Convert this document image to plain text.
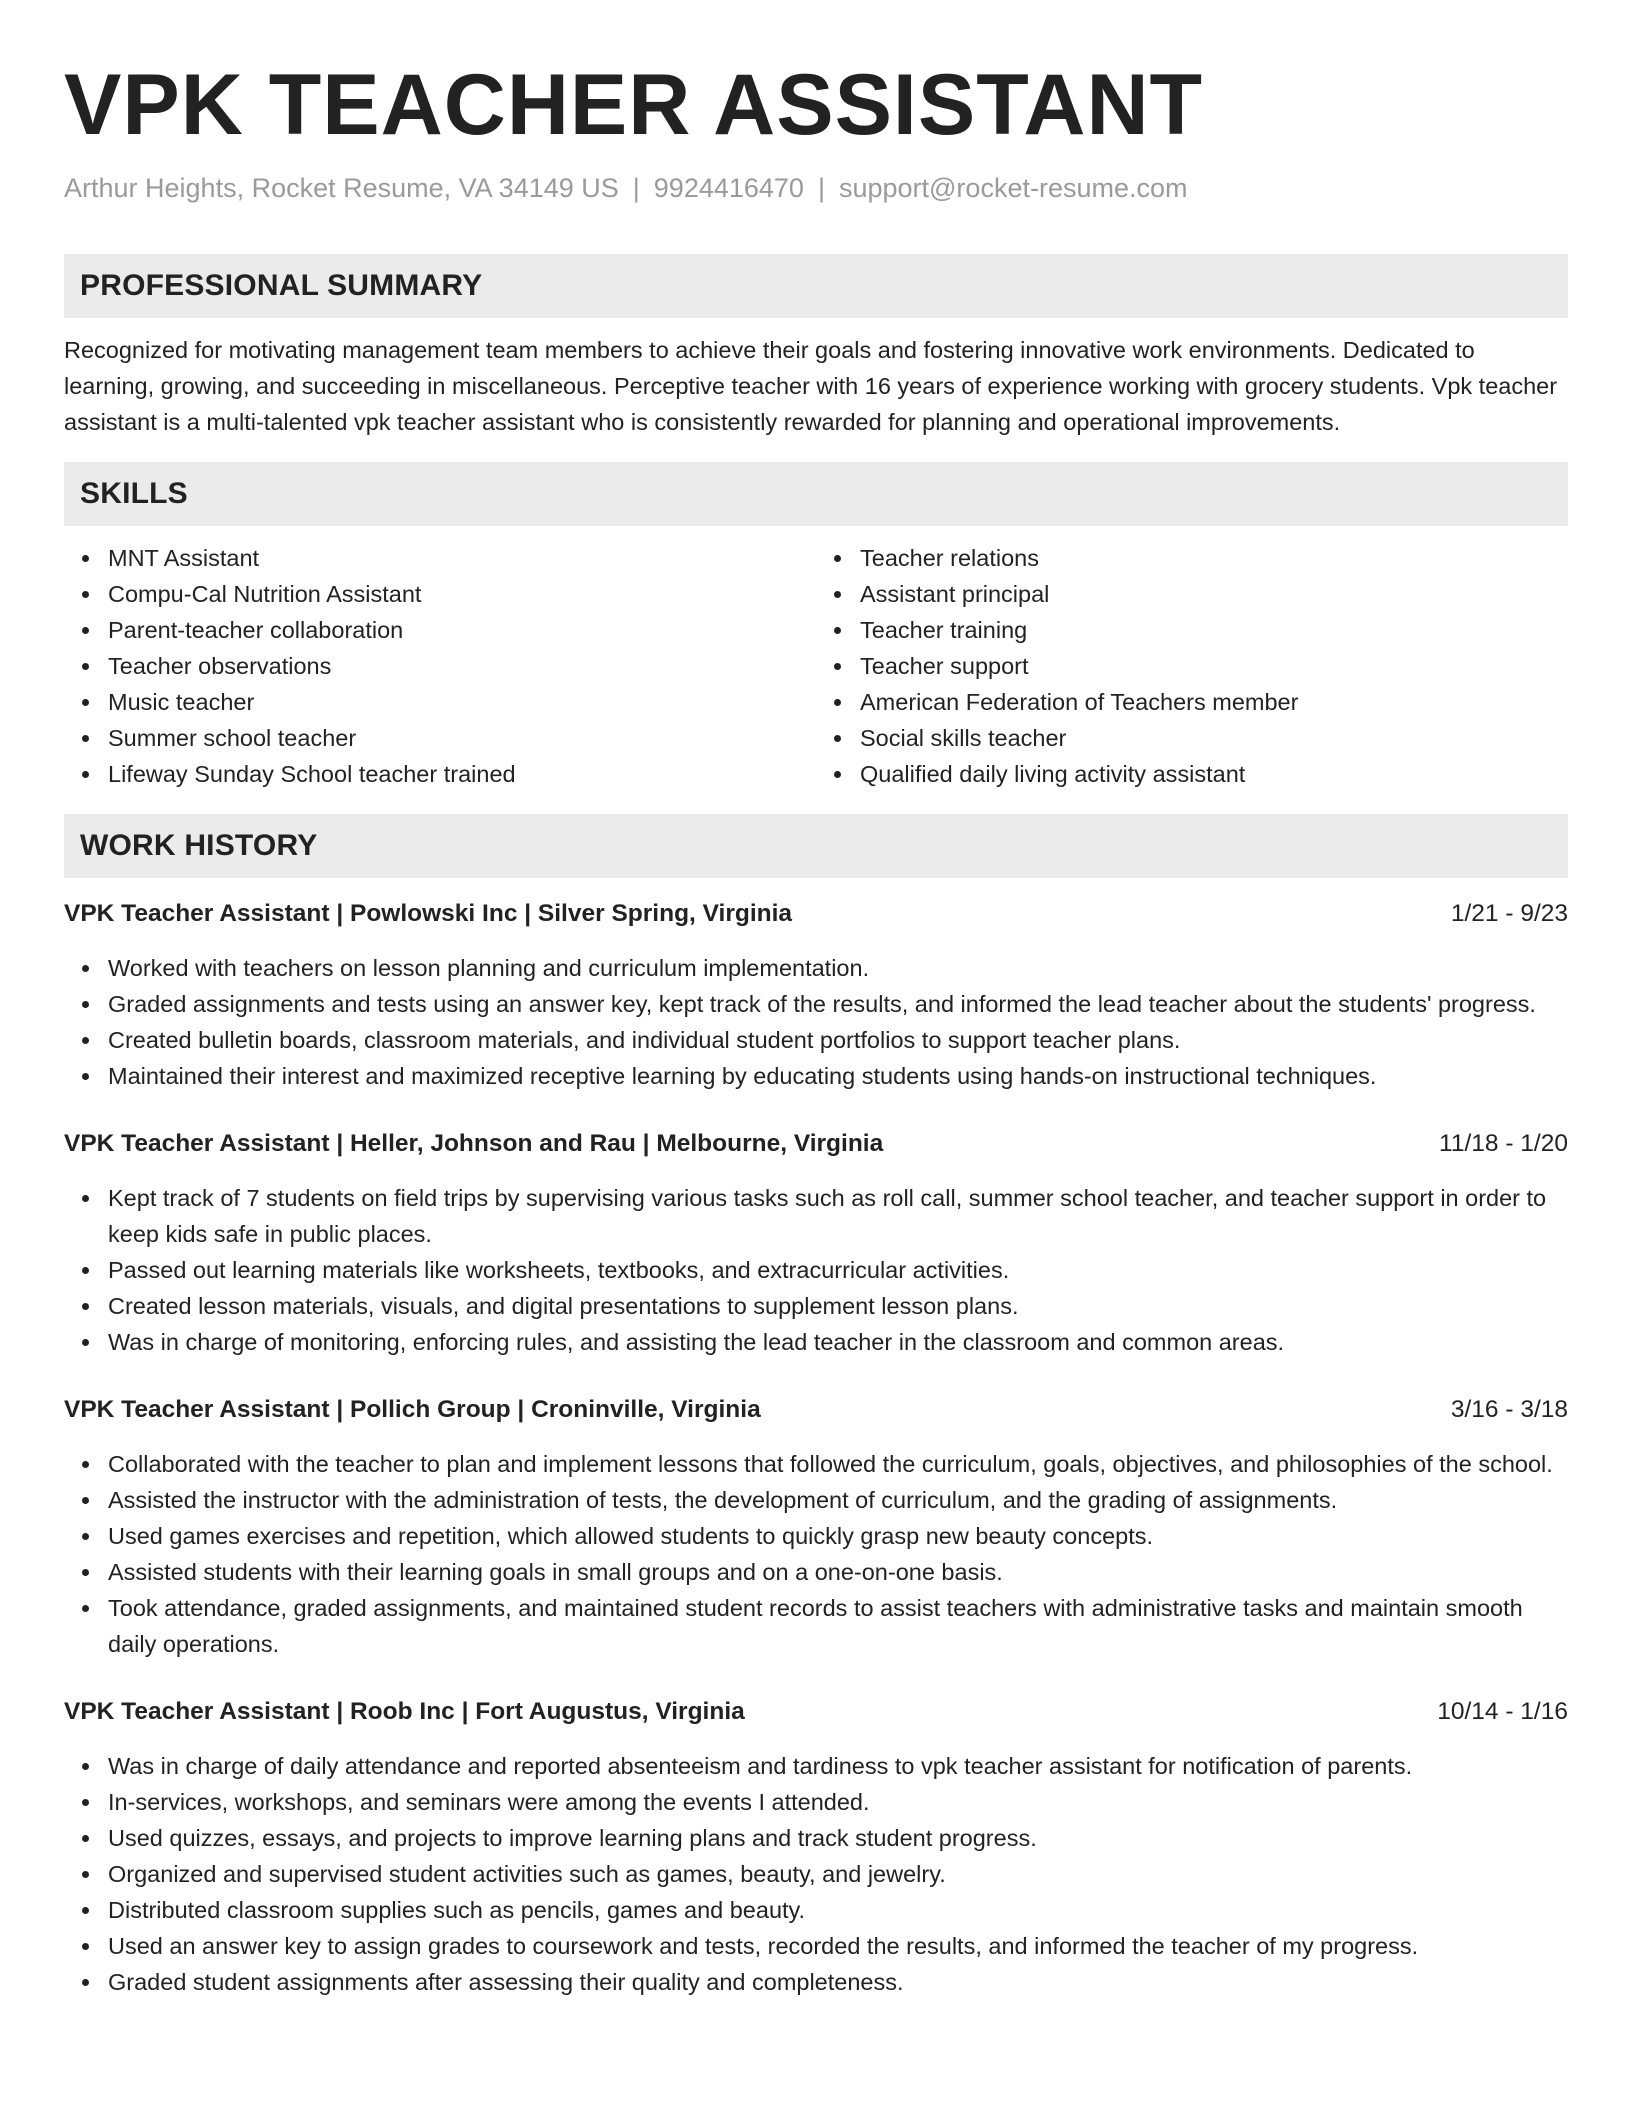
VPK TEACHER ASSISTANT
Arthur Heights, Rocket Resume, VA 34149 US | 9924416470 | support@rocket-resume.com
PROFESSIONAL SUMMARY
Recognized for motivating management team members to achieve their goals and fostering innovative work environments. Dedicated to learning, growing, and succeeding in miscellaneous. Perceptive teacher with 16 years of experience working with grocery students. Vpk teacher assistant is a multi-talented vpk teacher assistant who is consistently rewarded for planning and operational improvements.
SKILLS
MNT Assistant
Compu-Cal Nutrition Assistant
Parent-teacher collaboration
Teacher observations
Music teacher
Summer school teacher
Lifeway Sunday School teacher trained
Teacher relations
Assistant principal
Teacher training
Teacher support
American Federation of Teachers member
Social skills teacher
Qualified daily living activity assistant
WORK HISTORY
VPK Teacher Assistant | Powlowski Inc | Silver Spring, Virginia	1/21 - 9/23
Worked with teachers on lesson planning and curriculum implementation.
Graded assignments and tests using an answer key, kept track of the results, and informed the lead teacher about the students' progress.
Created bulletin boards, classroom materials, and individual student portfolios to support teacher plans.
Maintained their interest and maximized receptive learning by educating students using hands-on instructional techniques.
VPK Teacher Assistant | Heller, Johnson and Rau | Melbourne, Virginia	11/18 - 1/20
Kept track of 7 students on field trips by supervising various tasks such as roll call, summer school teacher, and teacher support in order to keep kids safe in public places.
Passed out learning materials like worksheets, textbooks, and extracurricular activities.
Created lesson materials, visuals, and digital presentations to supplement lesson plans.
Was in charge of monitoring, enforcing rules, and assisting the lead teacher in the classroom and common areas.
VPK Teacher Assistant | Pollich Group | Croninville, Virginia	3/16 - 3/18
Collaborated with the teacher to plan and implement lessons that followed the curriculum, goals, objectives, and philosophies of the school.
Assisted the instructor with the administration of tests, the development of curriculum, and the grading of assignments.
Used games exercises and repetition, which allowed students to quickly grasp new beauty concepts.
Assisted students with their learning goals in small groups and on a one-on-one basis.
Took attendance, graded assignments, and maintained student records to assist teachers with administrative tasks and maintain smooth daily operations.
VPK Teacher Assistant | Roob Inc | Fort Augustus, Virginia	10/14 - 1/16
Was in charge of daily attendance and reported absenteeism and tardiness to vpk teacher assistant for notification of parents.
In-services, workshops, and seminars were among the events I attended.
Used quizzes, essays, and projects to improve learning plans and track student progress.
Organized and supervised student activities such as games, beauty, and jewelry.
Distributed classroom supplies such as pencils, games and beauty.
Used an answer key to assign grades to coursework and tests, recorded the results, and informed the teacher of my progress.
Graded student assignments after assessing their quality and completeness.
